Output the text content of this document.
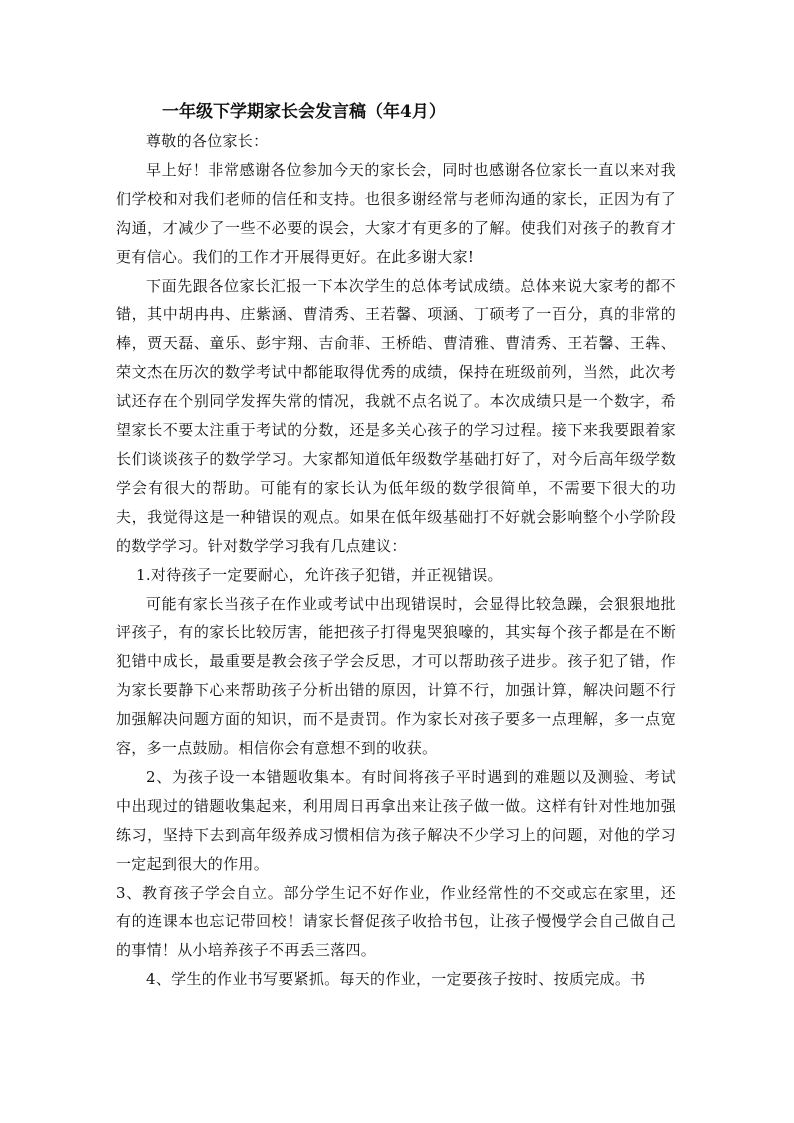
一年级下学期家长会发言稿（年4月）

尊敬的各位家长：

早上好！非常感谢各位参加今天的家长会，同时也感谢各位家长一直以来对我们学校和对我们老师的信任和支持。也很多谢经常与老师沟通的家长，正因为有了沟通，才减少了一些不必要的误会，大家才有更多的了解。使我们对孩子的教育才更有信心。我们的工作才开展得更好。在此多谢大家!

下面先跟各位家长汇报一下本次学生的总体考试成绩。总体来说大家考的都不错，其中胡冉冉、庄紫涵、曹清秀、王若馨、项涵、丁硕考了一百分，真的非常的棒，贾天磊、童乐、彭宇翔、吉俞菲、王桥皓、曹清雅、曹清秀、王若馨、王犇、荣文杰在历次的数学考试中都能取得优秀的成绩，保持在班级前列，当然，此次考试还存在个别同学发挥失常的情况，我就不点名说了。本次成绩只是一个数字，希望家长不要太注重于考试的分数，还是多关心孩子的学习过程。接下来我要跟着家长们谈谈孩子的数学学习。大家都知道低年级数学基础打好了，对今后高年级学数学会有很大的帮助。可能有的家长认为低年级的数学很简单，不需要下很大的功夫，我觉得这是一种错误的观点。如果在低年级基础打不好就会影响整个小学阶段的数学学习。针对数学学习我有几点建议：

1.对待孩子一定要耐心，允许孩子犯错，并正视错误。

可能有家长当孩子在作业或考试中出现错误时，会显得比较急躁，会狠狠地批评孩子，有的家长比较厉害，能把孩子打得鬼哭狼嚎的，其实每个孩子都是在不断犯错中成长，最重要是教会孩子学会反思，才可以帮助孩子进步。孩子犯了错，作为家长要静下心来帮助孩子分析出错的原因，计算不行，加强计算，解决问题不行加强解决问题方面的知识，而不是责罚。作为家长对孩子要多一点理解，多一点宽容，多一点鼓励。相信你会有意想不到的收获。

2、为孩子设一本错题收集本。有时间将孩子平时遇到的难题以及测验、考试中出现过的错题收集起来，利用周日再拿出来让孩子做一做。这样有针对性地加强练习，坚持下去到高年级养成习惯相信为孩子解决不少学习上的问题，对他的学习一定起到很大的作用。

3、教育孩子学会自立。部分学生记不好作业，作业经常性的不交或忘在家里，还有的连课本也忘记带回校！请家长督促孩子收拾书包，让孩子慢慢学会自己做自己的事情！从小培养孩子不再丢三落四。

4、学生的作业书写要紧抓。每天的作业，一定要孩子按时、按质完成。书
